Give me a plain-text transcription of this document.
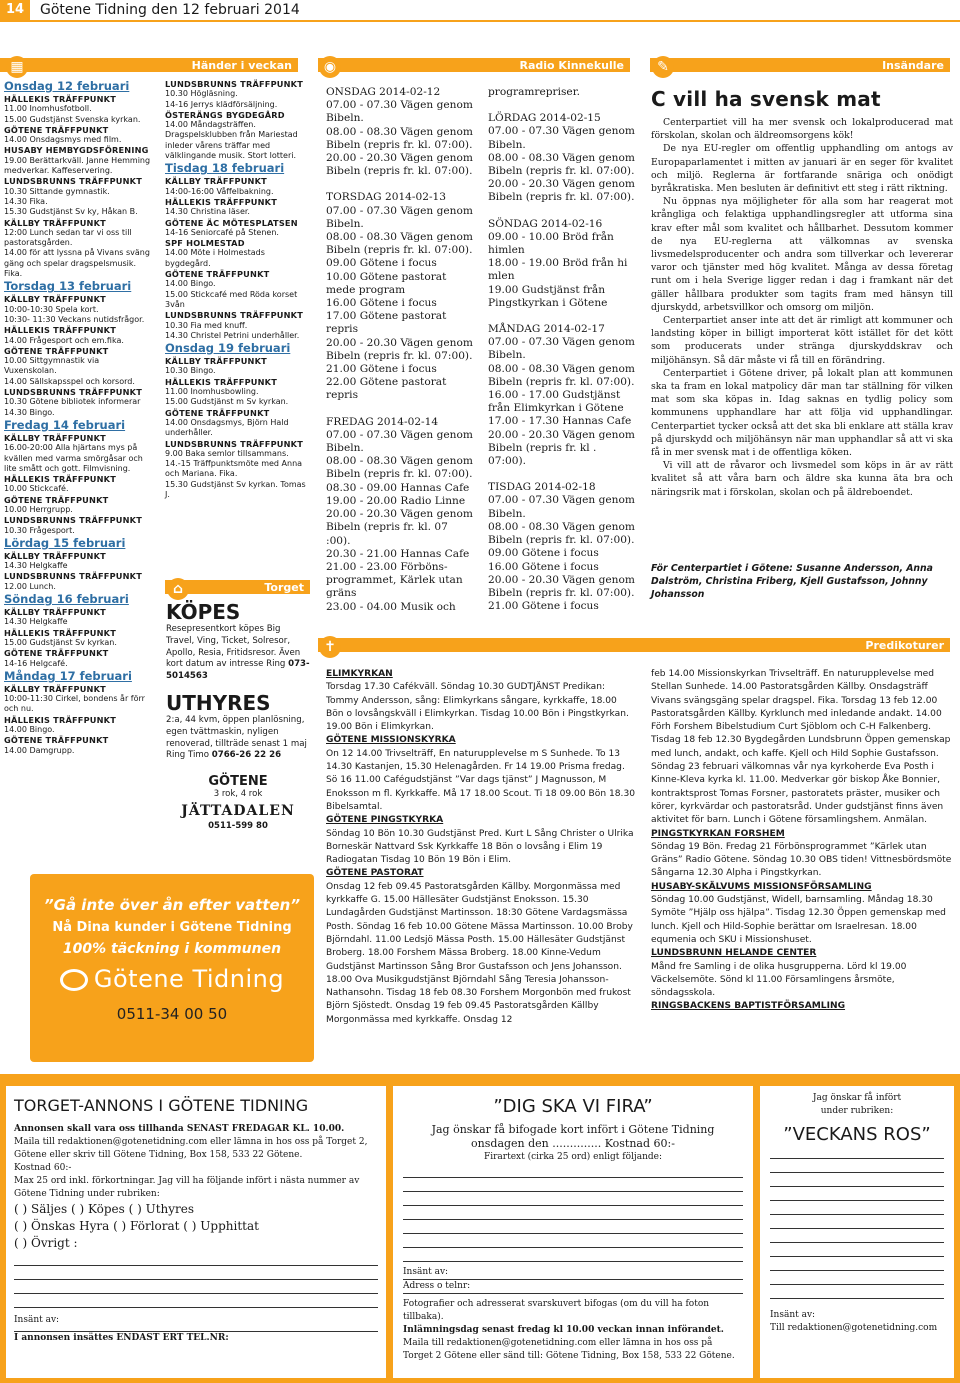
14	Götene Tidning den 12 februari 2014
Händer i veckan
▦

Onsdag 12 februari

HÄLLEKIS TRÄFFPUNKT

11.00 Inomhusfotboll.

15.00 Gudstjänst Svenska kyrkan.

GÖTENE TRÄFFPUNKT

14.00 Onsdagsmys med film.

HUSABY HEMBYGDSFÖRENING

19.00 Berättarkväll. Janne Hemming medverkar. Kaffeservering.

LUNDSBRUNNS TRÄFFPUNKT

10.30 Sittande gymnastik.

14.30 Fika.

15.30 Gudstjänst Sv ky, Håkan B.

KÄLLBY TRÄFFPUNKT

12:00 Lunch sedan tar vi oss till pastoratsgården.

14.00 för att lyssna på Vivans sväng gäng och spelar dragspelsmusik. Fika.

Torsdag 13 februari

KÄLLBY TRÄFFPUNKT

10:00-10:30 Spela kort.

10:30- 11:30 Veckans nutidsfrågor.

HÄLLEKIS TRÄFFPUNKT

14.00 Frågesport och em.fika.

GÖTENE TRÄFFPUNKT

10.00 Sittgymnastik via Vuxenskolan.

14.00 Sällskapsspel och korsord.

LUNDSBRUNNS TRÄFFPUNKT

10.30 Götene bibliotek informerar

14.30 Bingo.

Fredag 14 februari

KÄLLBY TRÄFFPUNKT

16.00-20:00 Alla hjärtans mys på kvällen med varma smörgåsar och lite smått och gott. Filmvisning.

HÄLLEKIS TRÄFFPUNKT

10.00 Stickcafé.

GÖTENE TRÄFFPUNKT

10.00 Herrgrupp.

LUNDSBRUNNS TRÄFFPUNKT

10.30 Frågesport.

Lördag 15 februari

KÄLLBY TRÄFFPUNKT

14.30 Helgkaffe

LUNDSBRUNNS TRÄFFPUNKT

12.00 Lunch.

Söndag 16 februari

KÄLLBY TRÄFFPUNKT

14.30 Helgkaffe

HÄLLEKIS TRÄFFPUNKT

15.00 Gudstjänst Sv kyrkan.

GÖTENE TRÄFFPUNKT

14-16 Helgcafé.

Måndag 17 februari

KÄLLBY TRÄFFPUNKT

10:00-11:30 Cirkel, bondens år förr och nu.

HÄLLEKIS TRÄFFPUNKT

14.00 Bingo.

GÖTENE TRÄFFPUNKT

14.00 Damgrupp.

LUNDSBRUNNS TRÄFFPUNKT

10.30 Högläsning.

14-16 Jerrys klädförsäljning.

ÖSTERÄNGS BYGDEGÅRD

14.00 Måndagsträffen. Dragspelsklubben från Mariestad inleder vårens träffar med välklingande musik. Stort lotteri.

Tisdag 18 februari

KÄLLBY TRÄFFPUNKT

14:00-16:00 Våffelbakning.

HÄLLEKIS TRÄFFPUNKT

14.30 Christina läser.

GÖTENE ÄC MÖTESPLATSEN

14-16 Seniorcafé på Stenen.

SPF HOLMESTAD

14.00 Möte i Holmestads bygdegård.

GÖTENE TRÄFFPUNKT

14.00 Bingo.

15.00 Stickcafé med Röda korset 3vån

LUNDSBRUNNS TRÄFFPUNKT

10.30 Fia med knuff.

14.30 Christel Petrini underhåller.

Onsdag 19 februari

KÄLLBY TRÄFFPUNKT

10.30 Bingo.

HÄLLEKIS TRÄFFPUNKT

11.00 Inomhusbowling.

15.00 Gudstjänst m Sv kyrkan.

GÖTENE TRÄFFPUNKT

14.00 Onsdagsmys, Björn Hald underhåller.

LUNDSBRUNNS TRÄFFPUNKT

9.00 Baka semlor tillsammans.

14.-15 Träffpunktsmöte med Anna och Mariana. Fika.

15.30 Gudstjänst Sv kyrkan. Tomas J.

Torget
⌂
KÖPES
Resepresentkort köpes Big Travel, Ving, Ticket, Solresor, Apollo, Resia, Fritidsresor. Även kort datum av intresse Ring 073-5014563
UTHYRES
2:a, 44 kvm, öppen planlösning, egen tvättmaskin, nyligen renoverad, tillträde senast 1 maj Ring Timo 0766-26 22 26
GÖTENE
3 rok, 4 rok
JÄTTADALEN
0511-599 80
”Gå inte över ån efter vatten”
Nå Dina kunder i Götene Tidning
100% täckning i kommunen
Götene Tidning
0511-34 00 50
Radio Kinnekulle
◉

ONSDAG 2014-02-12

07.00 - 07.30 Vägen genom Bibeln.

08.00 - 08.30 Vägen genom Bibeln (repris fr. kl. 07:00).

20.00 - 20.30 Vägen genom Bibeln (repris fr. kl. 07:00).

TORSDAG 2014-02-13

07.00 - 07.30 Vägen genom Bibeln.

08.00 - 08.30 Vägen genom Bibeln (repris fr. kl. 07:00).

09.00 Götene i focus

10.00 Götene pastorat mede program

16.00 Götene i focus

17.00 Götene pastorat repris

20.00 - 20.30 Vägen genom Bibeln (repris fr. kl. 07:00).

21.00 Götene i focus

22.00 Götene pastorat repris

FREDAG 2014-02-14

07.00 - 07.30 Vägen genom Bibeln.

08.00 - 08.30 Vägen genom Bibeln (repris fr. kl. 07:00).

08.30 - 09.00 Hannas Cafe

19.00 - 20.00 Radio Linne

20.00 - 20.30 Vägen genom Bibeln (repris fr. kl. 07 :00).

20.30 - 21.00 Hannas Cafe

21.00 - 23.00 Förböns-programmet, Kärlek utan gräns

23.00 - 04.00 Musik och

programrepriser.

LÖRDAG 2014-02-15

07.00 - 07.30 Vägen genom Bibeln.

08.00 - 08.30 Vägen genom Bibeln (repris fr. kl. 07:00).

20.00 - 20.30 Vägen genom Bibeln (repris fr. kl. 07:00).

SÖNDAG 2014-02-16

09.00 - 10.00 Bröd från himlen

18.00 - 19.00 Bröd från hi mlen

19.00 Gudstjänst från Pingstkyrkan i Götene

MÅNDAG 2014-02-17

07.00 - 07.30 Vägen genom Bibeln.

08.00 - 08.30 Vägen genom Bibeln (repris fr. kl. 07:00).

16.00 - 17.00 Gudstjänst från Elimkyrkan i Götene

17.00 - 17.30 Hannas Cafe

20.00 - 20.30 Vägen genom Bibeln (repris fr. kl . 07:00).

TISDAG 2014-02-18

07.00 - 07.30 Vägen genom Bibeln.

08.00 - 08.30 Vägen genom Bibeln (repris fr. kl. 07:00).

09.00 Götene i focus

16.00 Götene i focus

20.00 - 20.30 Vägen genom Bibeln (repris fr. kl. 07:00).

21.00 Götene i focus

Insändare
✎
C vill ha svensk mat

Centerpartiet vill ha mer svensk och lokalproducerad mat förskolan, skolan och äldreomsorgens kök!

De nya EU-regler om offentlig upphandling om antogs av Europaparlamentet i mitten av januari är en seger för kvalitet och miljö. Reglerna är fortfarande snäriga och onödigt byråkratiska. Men besluten är definitivt ett steg i rätt riktning.

Nu öppnas nya möjligheter för alla som har reagerat mot krångliga och felaktiga upphandlingsregler att utforma sina krav efter mål som kvalitet och hållbarhet. Dessutom kommer de nya EU-reglerna att välkomnas av svenska livsmedelsproducenter och andra som tillverkar och levererar varor och tjänster med hög kvalitet. Många av dessa företag runt om i hela Sverige ligger redan i dag i framkant när det gäller hållbara produkter som tagits fram med hänsyn till djurskydd, arbetsvillkor och omsorg om miljön.

Centerpartiet anser inte att det är rimligt att kommuner och landsting köper in billigt importerat kött istället för det kött som producerats under stränga djurskyddskrav och miljöhänsyn. Så där måste vi få till en förändring.

Centerpartiet i Götene driver, på lokalt plan att kommunen ska ta fram en lokal matpolicy där man tar ställning för vilken mat som ska köpas in. Idag saknas en tydlig policy som kommunens upphandlare har att följa vid upphandlingar. Centerpartiet tycker också att det ska bli enklare att ställa krav på djurskydd och miljöhänsyn när man upphandlar så att vi ska få in mer svensk mat i de offentliga köken.

Vi vill att de råvaror och livsmedel som köps in är av rätt kvalitet så att våra barn och äldre ska kunna äta bra och näringsrik mat i förskolan, skolan och på äldreboendet.

För Centerpartiet i Götene: Susanne Andersson, Anna Dalström, Christina Friberg, Kjell Gustafsson, Johnny Johansson
Predikoturer
✝

ELIMKYRKAN

Torsdag 17.30 Cafékväll. Söndag 10.30 GUDTJÄNST Predikan: Tommy Andersson, sång: Elimkyrkans sångare, kyrkkaffe, 18.00 Bön o lovsångskväll i Elimkyrkan. Tisdag 10.00 Bön i Pingstkyrkan. 19.00 Bön i Elimkyrkan.

GÖTENE MISSIONSKYRKA

On 12 14.00 Trivselträff, En naturupplevelse m S Sunhede. To 13 14.30 Kastanjen, 15.30 Helenagården. Fr 14 19.00 Prisma fredag. Sö 16 11.00 Cafégudstjänst ”Var dags tjänst” J Magnusson, M Enoksson m fl. Kyrkkaffe. Må 17 18.00 Scout. Ti 18 09.00 Bön 18.30 Bibelsamtal.

GÖTENE PINGSTKYRKA

Söndag 10 Bön 10.30 Gudstjänst Pred. Kurt L Sång Christer o Ulrika Borneskär Nattvard Ssk Kyrkkaffe 18 Bön o lovsång i Elim 19 Radiogatan Tisdag 10 Bön 19 Bön i Elim.

GÖTENE PASTORAT

Onsdag 12 feb 09.45 Pastoratsgården Källby. Morgonmässa med kyrkkaffe G. 15.00 Hällesäter Gudstjänst Enoksson. 15.30 Lundagården Gudstjänst Martinsson. 18:30 Götene Vardagsmässa Posth. Söndag 16 feb 10.00 Götene Mässa Martinsson. 10.00 Broby Björndahl. 11.00 Ledsjö Mässa Posth. 15.00 Hällesäter Gudstjänst Broberg. 18.00 Forshem Mässa Broberg. 18.00 Kinne-Vedum Gudstjänst Martinsson Sång Bror Gustafsson och Jens Johansson. 18.00 Ova Musikgudstjänst Björndahl Sång Teresia Johansson-Nathansohn. Tisdag 18 feb 08.30 Forshem Morgonbön med frukost Björn Sjöstedt. Onsdag 19 feb 09.45 Pastoratsgården Källby Morgonmässa med kyrkkaffe. Onsdag 12

feb 14.00 Missionskyrkan Trivselträff. En naturupplevelse med Stellan Sunhede. 14.00 Pastoratsgården Källby. Onsdagsträff Vivans svängsgäng spelar dragspel. Fika. Torsdag 13 feb 12.00 Pastoratsgården Källby. Kyrklunch med inledande andakt. 14.00 Förh Forshem Bibelstudium Curt Sjöblom och C-H Falkenberg. Tisdag 18 feb 12.30 Bygdegården Lundsbrunn Öppen gemenskap med lunch, andakt, och kaffe. Kjell och Hild Sophie Gustafsson. Söndag 23 februari välkomnas vår nya kyrkoherde Eva Posth i Kinne-Kleva kyrka kl. 11.00. Medverkar gör biskop Åke Bonnier, kontraktsprost Tomas Forsner, pastoratets präster, musiker och körer, kyrkvärdar och pastoratsråd. Under gudstjänst finns även aktivitet för barn. Lunch i Götene församlingshem. Anmälan.

PINGSTKYRKAN FORSHEM

Söndag 19 Bön. Fredag 21 Förbönsprogrammet ”Kärlek utan Gräns” Radio Götene. Söndag 10.30 OBS tiden! Vittnesbördsmöte Sångarna 12.30 Alpha i Pingstkyrkan.

HUSABY-SKÄLVUMS MISSIONSFÖRSAMLING

Söndag 10.00 Gudstjänst, Widell, barnsamling. Måndag 18.30 Symöte ”Hjälp oss hjälpa”. Tisdag 12.30 Öppen gemenskap med lunch. Kjell och Hild-Sophie berättar om Israelresan. 18.00 equmenia och SKU i Missionshuset.

LUNDSBRUNN HELANDE CENTER

Månd fre Samling i de olika husgrupperna. Lörd kl 19.00 Väckelsemöte. Sönd kl 11.00 Församlingens årsmöte, söndagsskola.

RINGSBACKENS BAPTISTFÖRSAMLING

TORGET-ANNONS I GÖTENE TIDNING

Annonsen skall vara oss tillhanda SENAST FREDAGAR KL. 10.00.

Maila till redaktionen@gotenetidning.com eller lämna in hos oss på Torget 2, Götene eller skriv till Götene Tidning, Box 158, 533 22 Götene.

Kostnad 60:-

Max 25 ord inkl. förkortningar. Jag vill ha följande infört i nästa nummer av Götene Tidning under rubriken:

( ) Säljes ( ) Köpes ( ) Uthyres

( ) Önskas Hyra ( ) Förlorat ( ) Upphittat

( ) Övrigt :

Insänt av:

I annonsen insättes ENDAST ERT TEL.NR:

”DIG SKA VI FIRA”

Jag önskar få bifogade kort infört i Götene Tidning onsdagen den .............. Kostnad 60:-

Firartext (cirka 25 ord) enligt följande:

Insänt av:

Adress o telnr:

Fotografier och adresserat svarskuvert bifogas (om du vill ha foton tillbaka).

Inlämningsdag senast fredag kl 10.00 veckan innan införandet.

Maila till redaktionen@gotenetidning.com eller lämna in hos oss på Torget 2 Götene eller sänd till: Götene Tidning, Box 158, 533 22 Götene.

Jag önskar få infört under rubriken:

”VECKANS ROS”

Insänt av:

Till redaktionen@gotenetidning.com
